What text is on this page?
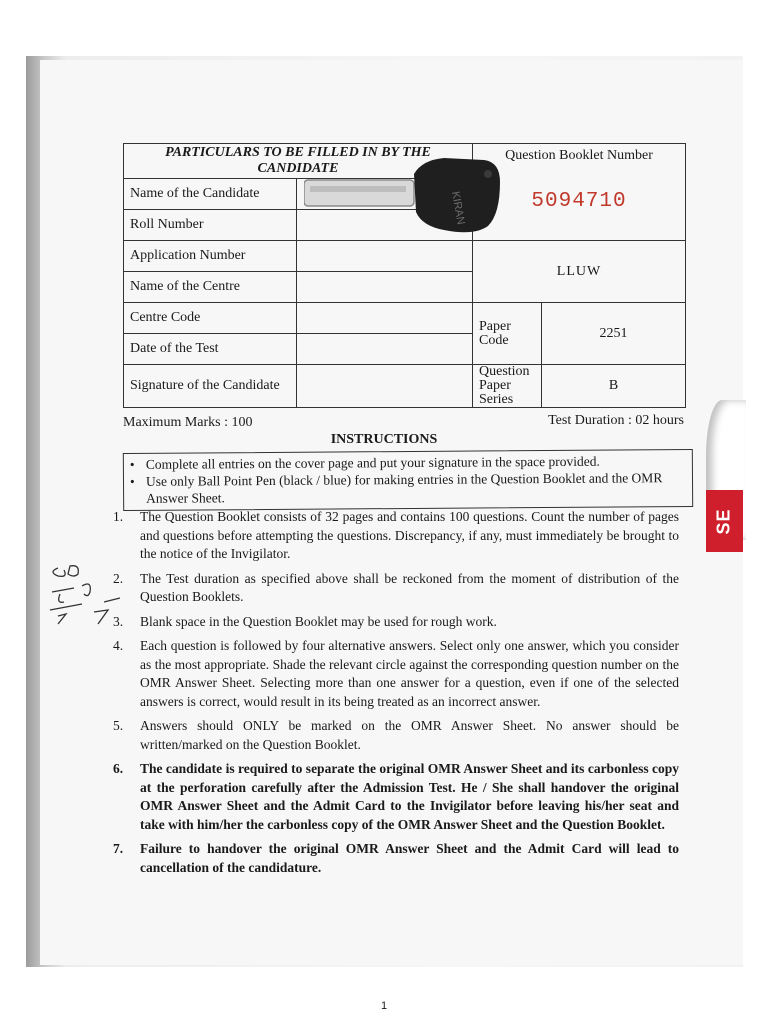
SE
PARTICULARS TO BE FILLED IN BY THE CANDIDATE		Question Booklet Number
5094710	

Name of the Candidate			
Roll Number			
Application Number		LLUW	
Name of the Centre			
Centre Code		Paper Code	2251
Date of the Test			
Signature of the Candidate		Question Paper Series	B
KIRAN
Maximum Marks : 100	Test Duration : 02 hours
INSTRUCTIONS
• Complete all entries on the cover page and put your signature in the space provided.
• Use only Ball Point Pen (black / blue) for making entries in the Question Booklet and the OMR Answer Sheet.
1.	The Question Booklet consists of 32 pages and contains 100 questions. Count the number of pages and questions before attempting the questions. Discrepancy, if any, must immediately be brought to the notice of the Invigilator.
2.	The Test duration as specified above shall be reckoned from the moment of distribution of the Question Booklets.
3.	Blank space in the Question Booklet may be used for rough work.
4.	Each question is followed by four alternative answers. Select only one answer, which you consider as the most appropriate. Shade the relevant circle against the corresponding question number on the OMR Answer Sheet. Selecting more than one answer for a question, even if one of the selected answers is correct, would result in its being treated as an incorrect answer.
5.	Answers should ONLY be marked on the OMR Answer Sheet. No answer should be written/marked on the Question Booklet.
6.	The candidate is required to separate the original OMR Answer Sheet and its carbonless copy at the perforation carefully after the Admission Test. He / She shall handover the original OMR Answer Sheet and the Admit Card to the Invigilator before leaving his/her seat and take with him/her the carbonless copy of the OMR Answer Sheet and the Question Booklet.
7.	Failure to handover the original OMR Answer Sheet and the Admit Card will lead to cancellation of the candidature.
1
